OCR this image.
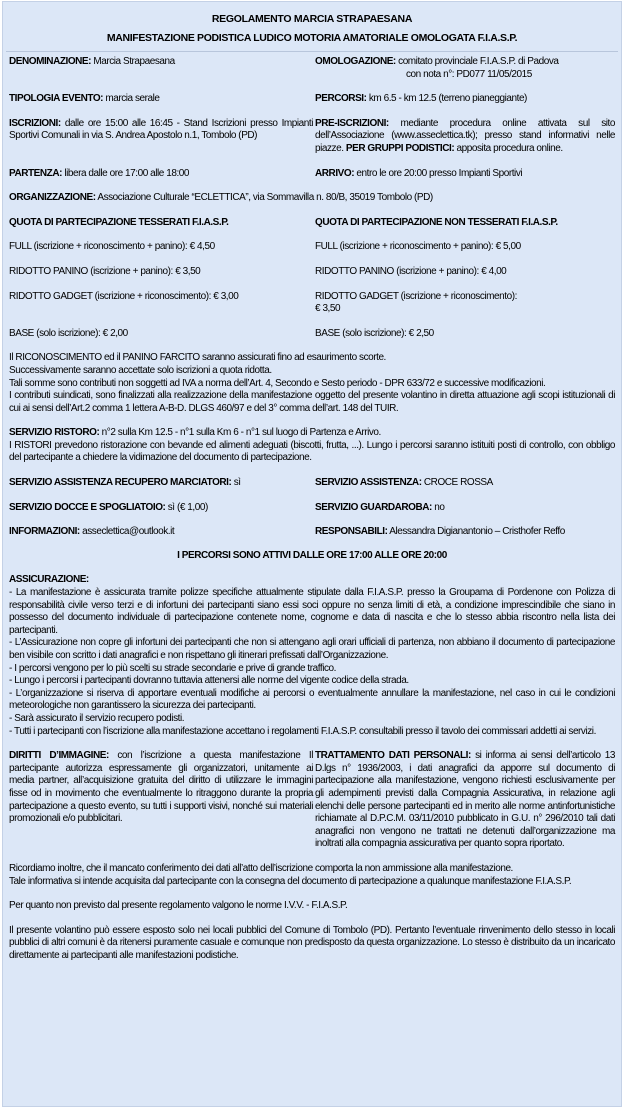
REGOLAMENTO MARCIA STRAPAESANA
MANIFESTAZIONE PODISTICA LUDICO MOTORIA AMATORIALE OMOLOGATA F.I.A.S.P.
DENOMINAZIONE: Marcia Strapaesana	OMOLOGAZIONE: comitato provinciale F.I.A.S.P. di Padova
con nota n°: PD077 11/05/2015
TIPOLOGIA EVENTO: marcia serale	PERCORSI: km 6.5 - km 12.5 (terreno pianeggiante)
ISCRIZIONI: dalle ore 15:00 alle 16:45 - Stand Iscrizioni presso Impianti Sportivi Comunali in via S. Andrea Apostolo n.1, Tombolo (PD)
PRE-ISCRIZIONI: mediante procedura online attivata sul sito dell’Associazione (www.asseclettica.tk); presso stand informativi nelle piazze. PER GRUPPI PODISTICI: apposita procedura online.
PARTENZA: libera dalle ore 17:00 alle 18:00	ARRIVO: entro le ore 20:00 presso Impianti Sportivi
ORGANIZZAZIONE: Associazione Culturale “ECLETTICA”, via Sommavilla n. 80/B, 35019 Tombolo (PD)
QUOTA DI PARTECIPAZIONE TESSERATI F.I.A.S.P.	QUOTA DI PARTECIPAZIONE NON TESSERATI F.I.A.S.P.
FULL (iscrizione + riconoscimento + panino): € 4,50	FULL (iscrizione + riconoscimento + panino): € 5,00
RIDOTTO PANINO (iscrizione + panino): € 3,50	RIDOTTO PANINO (iscrizione + panino): € 4,00
RIDOTTO GADGET (iscrizione + riconoscimento): € 3,00	RIDOTTO GADGET (iscrizione + riconoscimento):
€ 3,50
BASE (solo iscrizione): € 2,00	BASE (solo iscrizione): € 2,50
Il RICONOSCIMENTO ed il PANINO FARCITO saranno assicurati fino ad esaurimento scorte.
Successivamente saranno accettate solo iscrizioni a quota ridotta.
Tali somme sono contributi non soggetti ad IVA a norma dell’Art. 4, Secondo e Sesto periodo - DPR 633/72 e successive modificazioni.
I contributi suindicati, sono finalizzati alla realizzazione della manifestazione oggetto del presente volantino in diretta attuazione agli scopi istituzionali di cui ai sensi dell’Art.2 comma 1 lettera A-B-D. DLGS 460/97 e del 3° comma dell’art. 148 del TUIR.
SERVIZIO RISTORO: n°2 sulla Km 12.5 - n°1 sulla Km 6 - n°1 sul luogo di Partenza e Arrivo.
I RISTORI prevedono ristorazione con bevande ed alimenti adeguati (biscotti, frutta, ...). Lungo i percorsi saranno istituiti posti di controllo, con obbligo del partecipante a chiedere la vidimazione del documento di partecipazione.
SERVIZIO ASSISTENZA RECUPERO MARCIATORI: sì	SERVIZIO ASSISTENZA: CROCE ROSSA
SERVIZIO DOCCE E SPOGLIATOIO: sì (€ 1,00)	SERVIZIO GUARDAROBA: no
INFORMAZIONI: asseclettica@outlook.it	RESPONSABILI: Alessandra Digianantonio – Cristhofer Reffo
I PERCORSI SONO ATTIVI DALLE ORE 17:00 ALLE ORE 20:00
ASSICURAZIONE:
- La manifestazione è assicurata tramite polizze specifiche attualmente stipulate dalla F.I.A.S.P. presso la Groupama di Pordenone con Polizza di responsabilità civile verso terzi e di infortuni dei partecipanti siano essi soci oppure no senza limiti di età, a condizione imprescindibile che siano in possesso del documento individuale di partecipazione contenete nome, cognome e data di nascita e che lo stesso abbia riscontro nella lista dei partecipanti.
- L’Assicurazione non copre gli infortuni dei partecipanti che non si attengano agli orari ufficiali di partenza, non abbiano il documento di partecipazione ben visibile con scritto i dati anagrafici e non rispettano gli itinerari prefissati dall’Organizzazione.
- I percorsi vengono per lo più scelti su strade secondarie e prive di grande traffico.
- Lungo i percorsi i partecipanti dovranno tuttavia attenersi alle norme del vigente codice della strada.
- L’organizzazione si riserva di apportare eventuali modifiche ai percorsi o eventualmente annullare la manifestazione, nel caso in cui le condizioni meteorologiche non garantissero la sicurezza dei partecipanti.
- Sarà assicurato il servizio recupero podisti.
- Tutti i partecipanti con l’iscrizione alla manifestazione accettano i regolamenti F.I.A.S.P. consultabili presso il tavolo dei commissari addetti ai servizi.
DIRITTI D’IMMAGINE: con l’iscrizione a questa manifestazione Il partecipante autorizza espressamente gli organizzatori, unitamente ai media partner, all’acquisizione gratuita del diritto di utilizzare le immagini fisse od in movimento che eventualmente lo ritraggono durante la propria partecipazione a questo evento, su tutti i supporti visivi, nonché sui materiali promozionali e/o pubblicitari.
TRATTAMENTO DATI PERSONALI: si informa ai sensi dell’articolo 13 D.lgs n° 1936/2003, i dati anagrafici da apporre sul documento di partecipazione alla manifestazione, vengono richiesti esclusivamente per gli adempimenti previsti dalla Compagnia Assicurativa, in relazione agli elenchi delle persone partecipanti ed in merito alle norme antinfortunistiche richiamate al D.P.C.M. 03/11/2010 pubblicato in G.U. n° 296/2010 tali dati anagrafici non vengono ne trattati ne detenuti dall’organizzazione ma inoltrati alla compagnia assicurativa per quanto sopra riportato.
Ricordiamo inoltre, che il mancato conferimento dei dati all’atto dell’iscrizione comporta la non ammissione alla manifestazione.
Tale informativa si intende acquisita dal partecipante con la consegna del documento di partecipazione a qualunque manifestazione F.I.A.S.P.
Per quanto non previsto dal presente regolamento valgono le norme I.V.V. - F.I.A.S.P.
Il presente volantino può essere esposto solo nei locali pubblici del Comune di Tombolo (PD). Pertanto l’eventuale rinvenimento dello stesso in locali pubblici di altri comuni è da ritenersi puramente casuale e comunque non predisposto da questa organizzazione. Lo stesso è distribuito da un incaricato direttamente ai partecipanti alle manifestazioni podistiche.
